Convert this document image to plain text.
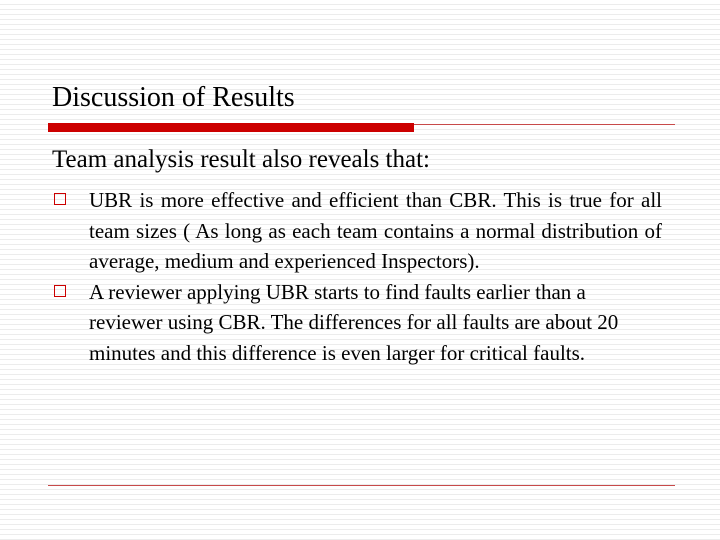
Discussion of Results
Team analysis result also reveals that:
UBR is more effective and efficient than CBR. This is true for all team sizes ( As long as each team contains a normal distribution of average, medium and experienced Inspectors).
A reviewer applying UBR starts to find faults earlier than a reviewer using CBR. The differences for all faults are about 20 minutes and this difference is even larger for critical faults.
